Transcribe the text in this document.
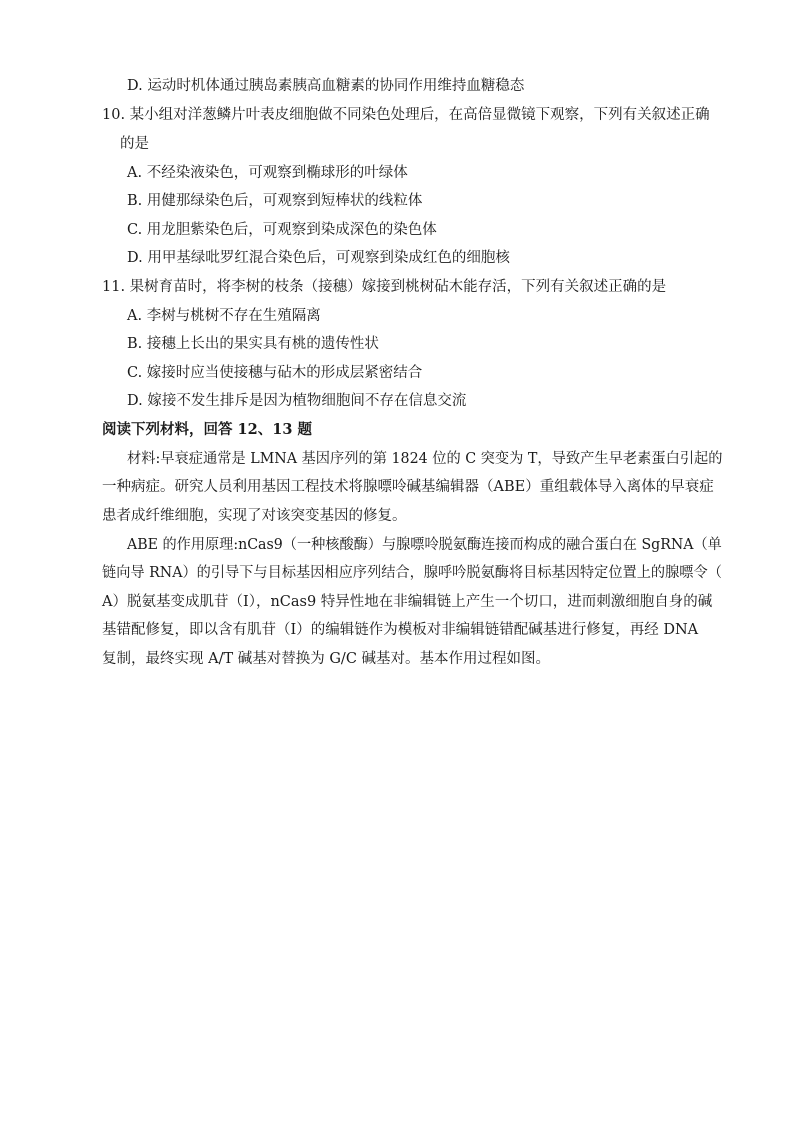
D. 运动时机体通过胰岛素胰高血糖素的协同作用维持血糖稳态
10. 某小组对洋葱鳞片叶表皮细胞做不同染色处理后，在高倍显微镜下观察，下列有关叙述正确
的是
A. 不经染液染色，可观察到椭球形的叶绿体
B. 用健那绿染色后，可观察到短棒状的线粒体
C. 用龙胆紫染色后，可观察到染成深色的染色体
D. 用甲基绿吡罗红混合染色后，可观察到染成红色的细胞核
11. 果树育苗时，将李树的枝条（接穗）嫁接到桃树砧木能存活，下列有关叙述正确的是
A. 李树与桃树不存在生殖隔离
B. 接穗上长出的果实具有桃的遗传性状
C. 嫁接时应当使接穗与砧木的形成层紧密结合
D. 嫁接不发生排斥是因为植物细胞间不存在信息交流
阅读下列材料，回答 12、13 题
材料:早衰症通常是 LMNA 基因序列的第 1824 位的 C 突变为 T，导致产生早老素蛋白引起的
一种病症。研究人员利用基因工程技术将腺嘌呤碱基编辑器（ABE）重组载体导入离体的早衰症
患者成纤维细胞，实现了对该突变基因的修复。
ABE 的作用原理:nCas9（一种核酸酶）与腺嘌呤脱氨酶连接而构成的融合蛋白在 SgRNA（单
链向导 RNA）的引导下与目标基因相应序列结合，腺呼吟脱氨酶将目标基因特定位置上的腺嘌令（
A）脱氨基变成肌苷（Ⅰ），nCas9 特异性地在非编辑链上产生一个切口，进而刺激细胞自身的碱
基错配修复，即以含有肌苷（Ⅰ）的编辑链作为模板对非编辑链错配碱基进行修复，再经 DNA
复制，最终实现 A/T 碱基对替换为 G/C 碱基对。基本作用过程如图。
